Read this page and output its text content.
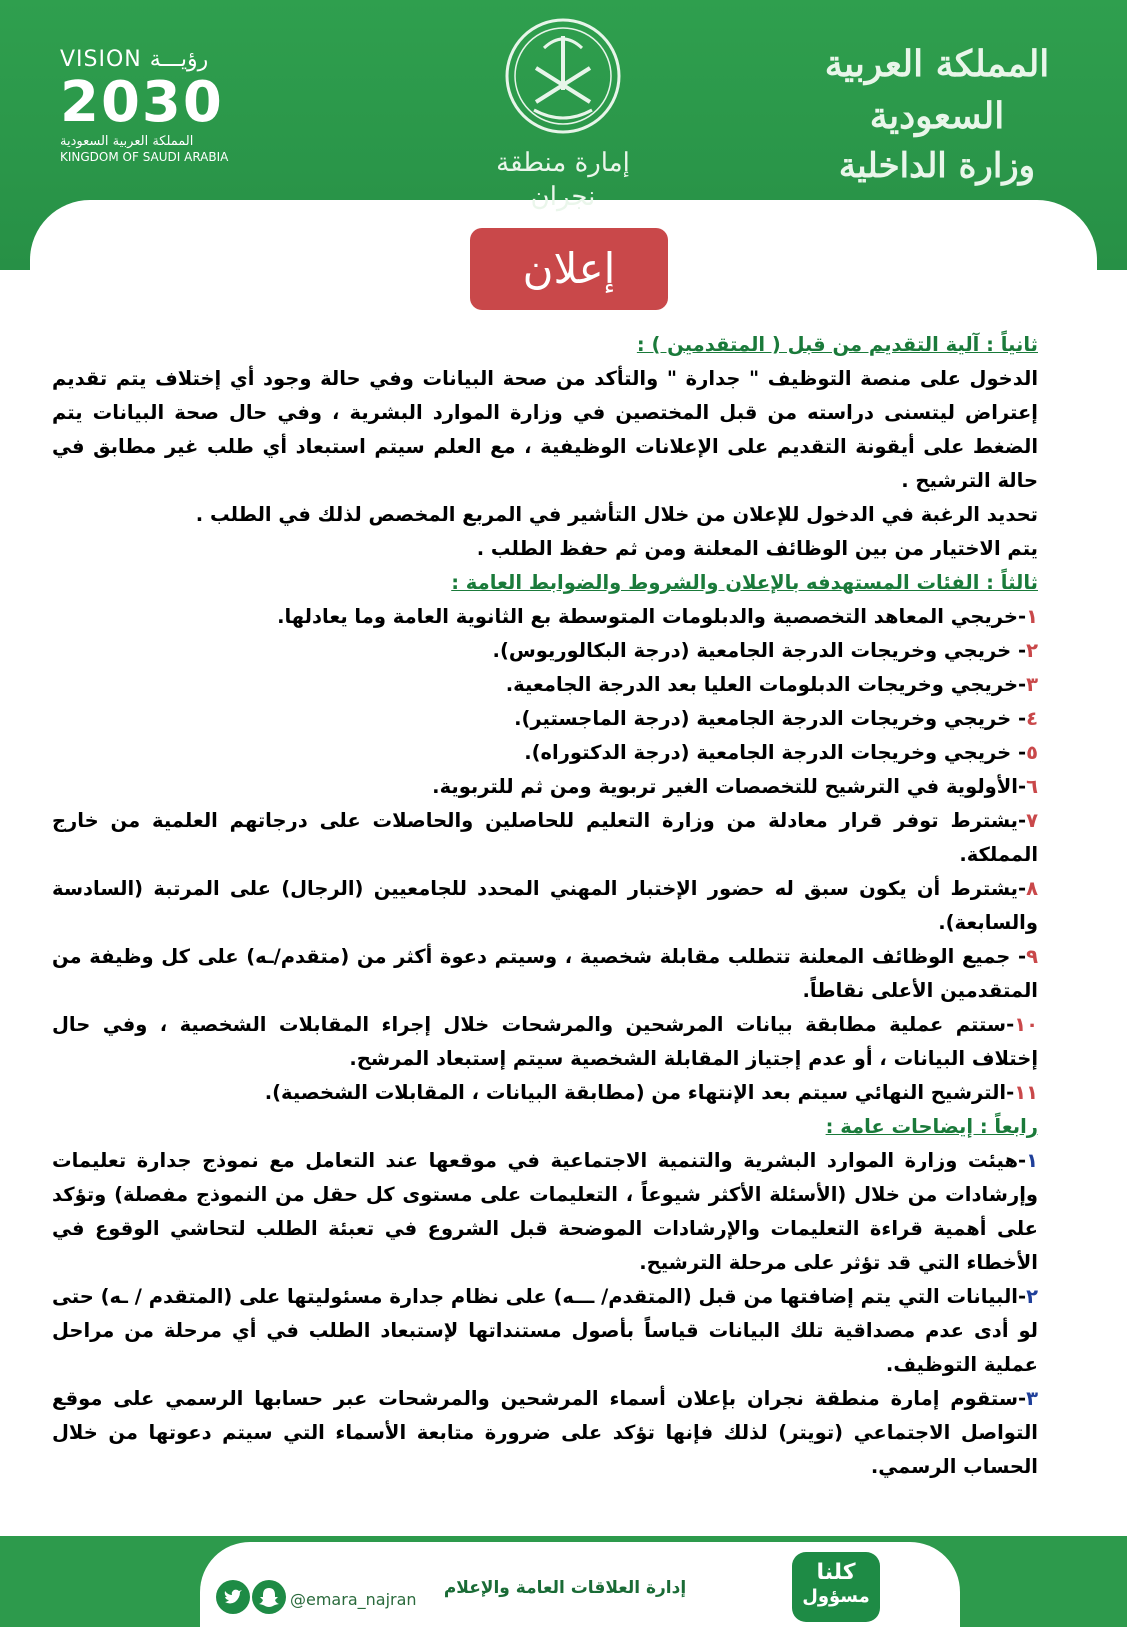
VISION رؤيـــة
2030
المملكة العربية السعودية
KINGDOM OF SAUDI ARABIA	إمارة منطقة نجران
المملكة العربية السعودية
وزارة الداخلية
إعلان
ثانياً : آلية التقديم من قبل ( المتقدمين ) :
الدخول على منصة التوظيف " جدارة " والتأكد من صحة البيانات وفي حالة وجود أي إختلاف يتم تقديم إعتراض ليتسنى دراسته من قبل المختصين في وزارة الموارد البشرية ، وفي حال صحة البيانات يتم الضغط على أيقونة التقديم على الإعلانات الوظيفية ، مع العلم سيتم استبعاد أي طلب غير مطابق في حالة الترشيح .
تحديد الرغبة في الدخول للإعلان من خلال التأشير في المربع المخصص لذلك في الطلب .
يتم الاختيار من بين الوظائف المعلنة ومن ثم حفظ الطلب .
ثالثاً : الفئات المستهدفه بالإعلان والشروط والضوابط العامة :
١-خريجي المعاهد التخصصية والدبلومات المتوسطة بع الثانوية العامة وما يعادلها.
٢- خريجي وخريجات الدرجة الجامعية (درجة البكالوريوس).
٣-خريجي وخريجات الدبلومات العليا بعد الدرجة الجامعية.
٤- خريجي وخريجات الدرجة الجامعية (درجة الماجستير).
٥- خريجي وخريجات الدرجة الجامعية (درجة الدكتوراه).
٦-الأولوية في الترشيح للتخصصات الغير تربوية ومن ثم للتربوية.
٧-يشترط توفر قرار معادلة من وزارة التعليم للحاصلين والحاصلات على درجاتهم العلمية من خارج المملكة.
٨-يشترط أن يكون سبق له حضور الإختبار المهني المحدد للجامعيين (الرجال) على المرتبة (السادسة والسابعة).
٩- جميع الوظائف المعلنة تتطلب مقابلة شخصية ، وسيتم دعوة أكثر من (متقدم/ـه) على كل وظيفة من المتقدمين الأعلى نقاطاً.
١٠-ستتم عملية مطابقة بيانات المرشحين والمرشحات خلال إجراء المقابلات الشخصية ، وفي حال إختلاف البيانات ، أو عدم إجتياز المقابلة الشخصية سيتم إستبعاد المرشح.
١١-الترشيح النهائي سيتم بعد الإنتهاء من (مطابقة البيانات ، المقابلات الشخصية).
رابعاً : إيضاحات عامة :
١-هيئت وزارة الموارد البشرية والتنمية الاجتماعية في موقعها عند التعامل مع نموذج جدارة تعليمات وإرشادات من خلال (الأسئلة الأكثر شيوعاً ، التعليمات على مستوى كل حقل من النموذج مفصلة) وتؤكد على أهمية قراءة التعليمات والإرشادات الموضحة قبل الشروع في تعبئة الطلب لتحاشي الوقوع في الأخطاء التي قد تؤثر على مرحلة الترشيح.
٢-البيانات التي يتم إضافتها من قبل (المتقدم/ ـــه) على نظام جدارة مسئوليتها على (المتقدم / ـه) حتى لو أدى عدم مصداقية تلك البيانات قياساً بأصول مستنداتها لإستبعاد الطلب في أي مرحلة من مراحل عملية التوظيف.
٣-ستقوم إمارة منطقة نجران بإعلان أسماء المرشحين والمرشحات عبر حسابها الرسمي على موقع التواصل الاجتماعي (تويتر) لذلك فإنها تؤكد على ضرورة متابعة الأسماء التي سيتم دعوتها من خلال الحساب الرسمي.
@emara_najran
إدارة العلاقات العامة والإعلام
كلنا
مسؤول
